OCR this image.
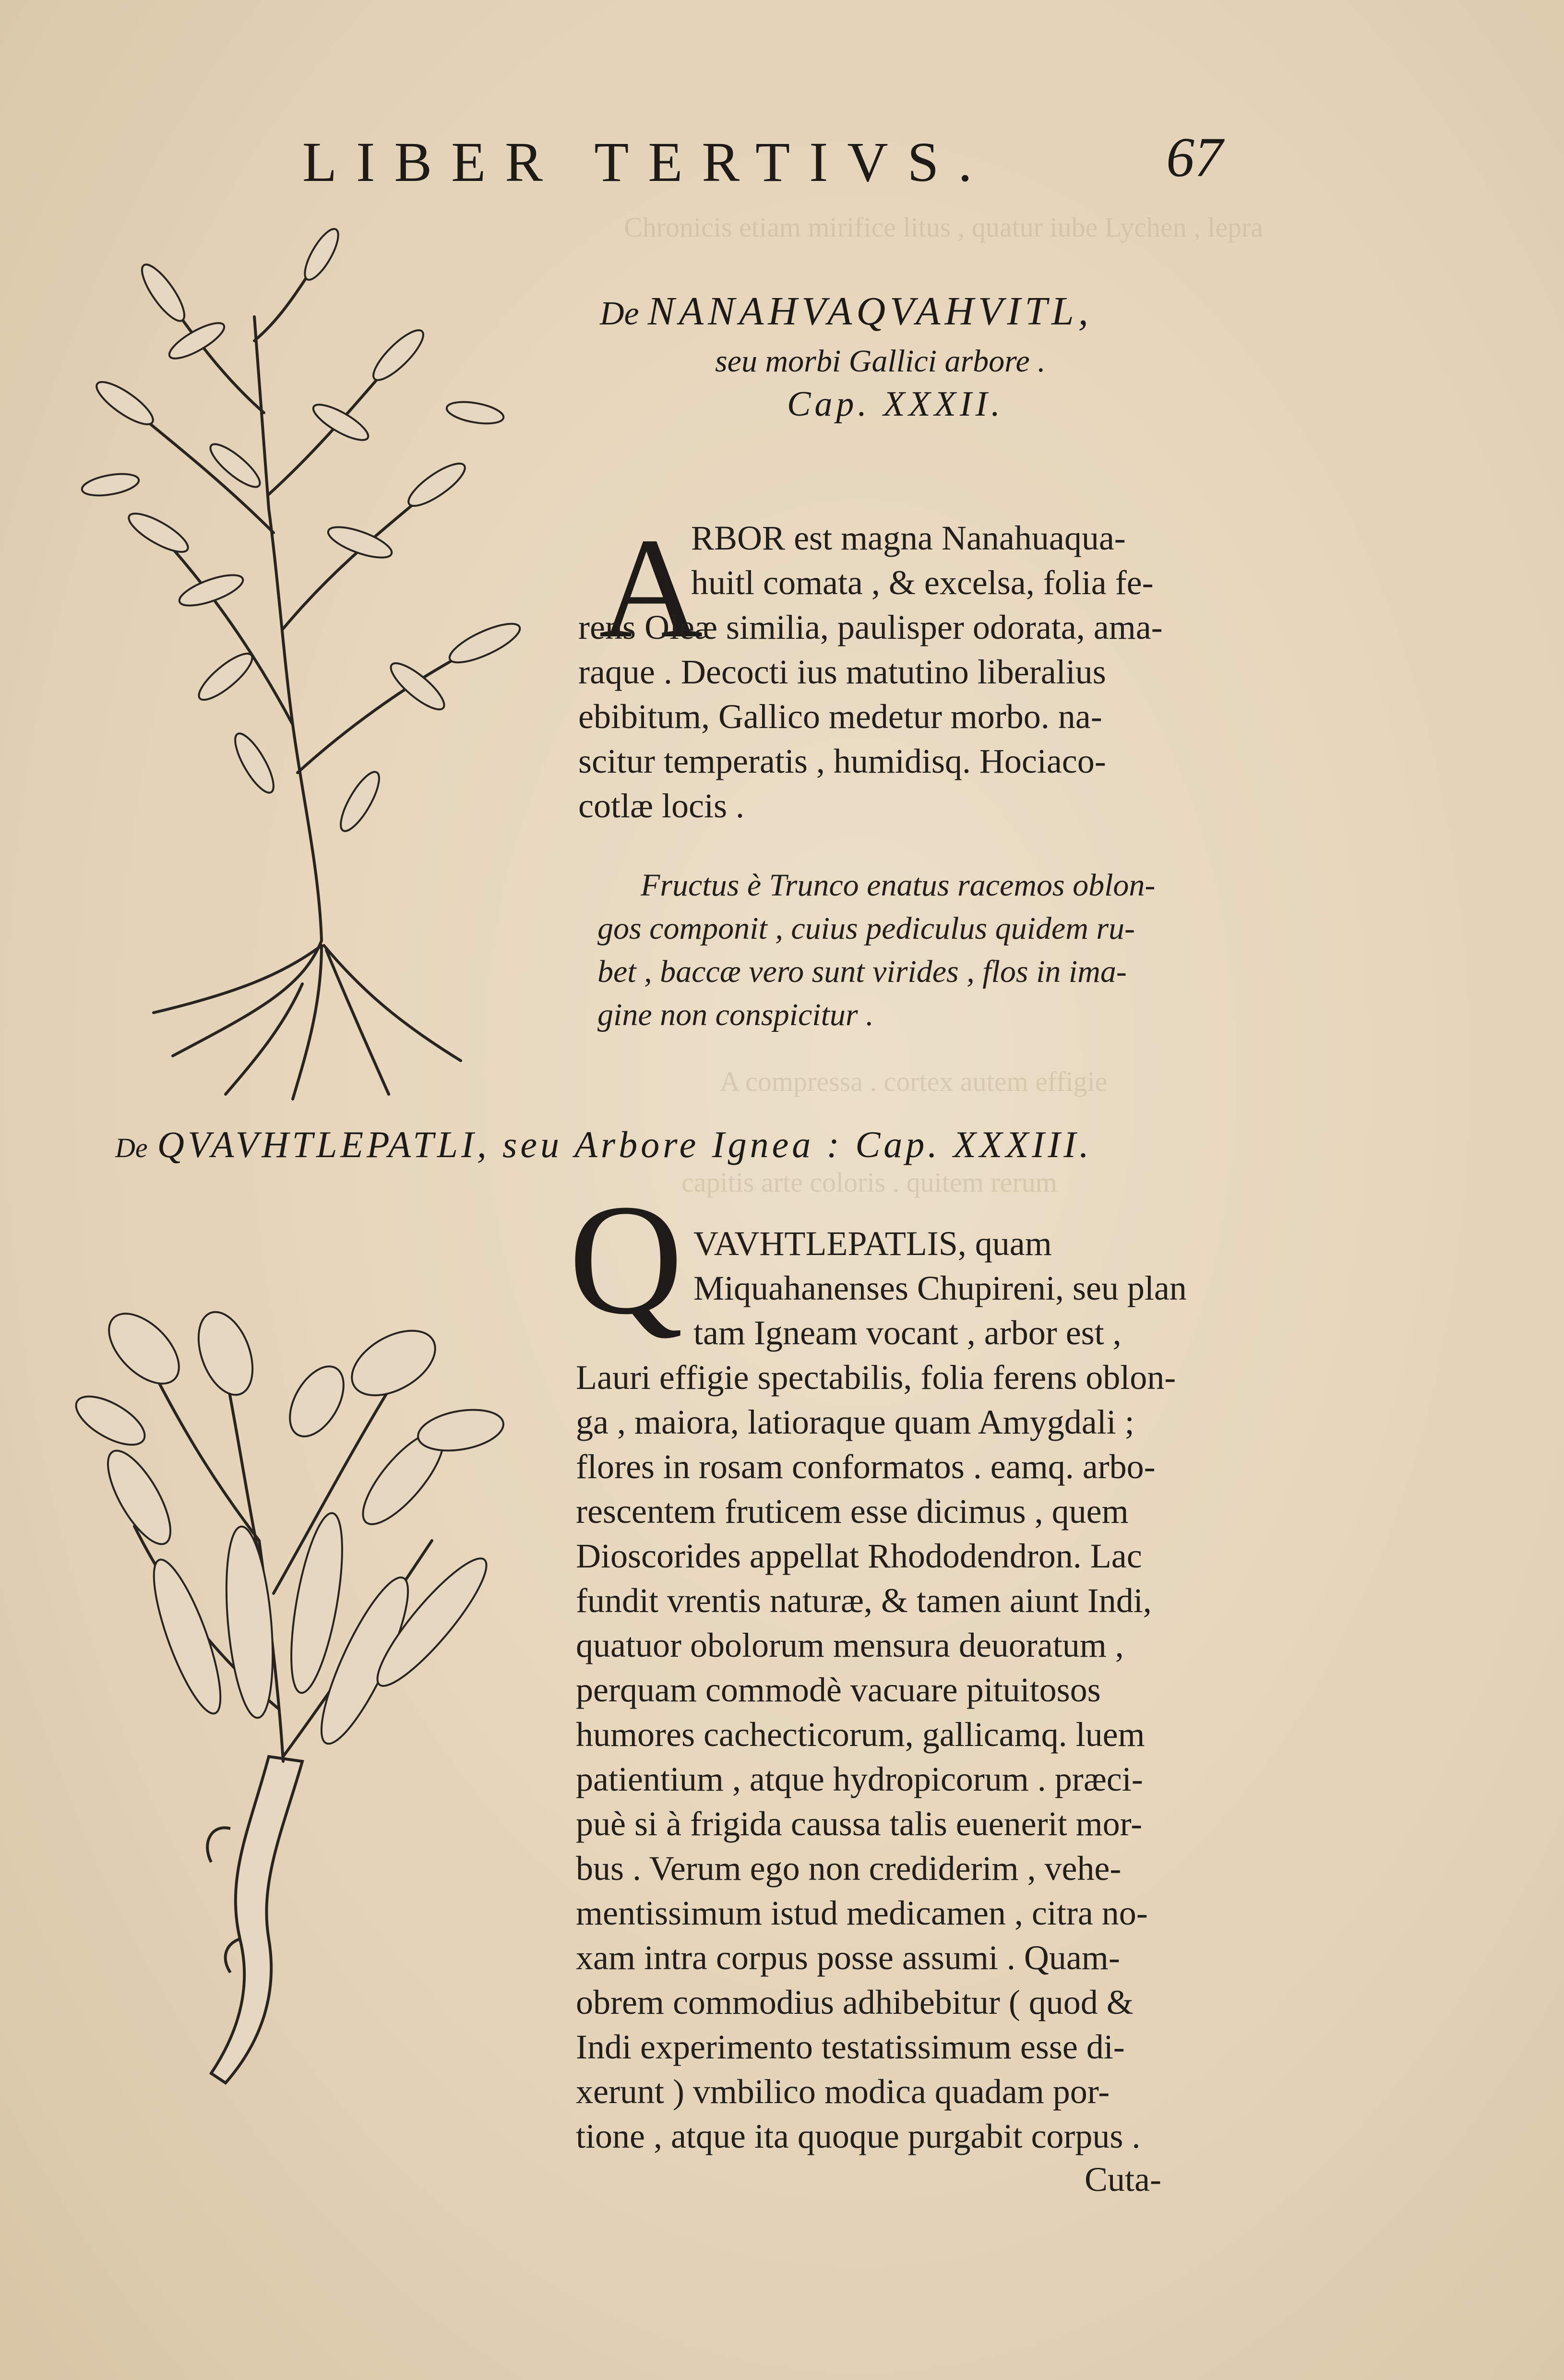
Chronicis etiam mirifice litus , quatur iube Lychen , lepra
A compressa . cortex autem effigie
capitis arte coloris . quitem rerum
LIBER TERTIVS.	67
De NANAHVAQVAHVITL,
seu morbi Gallici arbore .
Cap. XXXII.
A
RBOR est magna Nanahuaqua-
huitl comata , & excelsa, folia fe-
rens Oleæ similia, paulisper odorata, ama-
raque . Decocti ius matutino liberalius
ebibitum, Gallico medetur morbo. na-
scitur temperatis , humidisq. Hociaco-
cotlæ locis .
Fructus è Trunco enatus racemos oblon-
gos componit , cuius pediculus quidem ru-
bet , baccæ vero sunt virides , flos in ima-
gine non conspicitur .
De QVAVHTLEPATLI, seu Arbore Ignea : Cap. XXXIII.
Q VAVHTLEPATLIS, quam
Miquahanenses Chupireni, seu plan
tam Igneam vocant , arbor est ,
Lauri effigie spectabilis, folia ferens oblon-
ga , maiora, latioraque quam Amygdali ;
flores in rosam conformatos . eamq. arbo-
rescentem fruticem esse dicimus , quem
Dioscorides appellat Rhododendron. Lac
fundit vrentis naturæ, & tamen aiunt Indi,
quatuor obolorum mensura deuoratum ,
perquam commodè vacuare pituitosos
humores cachecticorum, gallicamq. luem
patientium , atque hydropicorum . præci-
puè si à frigida caussa talis euenerit mor-
bus . Verum ego non crediderim , vehe-
mentissimum istud medicamen , citra no-
xam intra corpus posse assumi . Quam-
obrem commodius adhibebitur ( quod &
Indi experimento testatissimum esse di-
xerunt ) vmbilico modica quadam por-
tione , atque ita quoque purgabit corpus .
Cuta-
